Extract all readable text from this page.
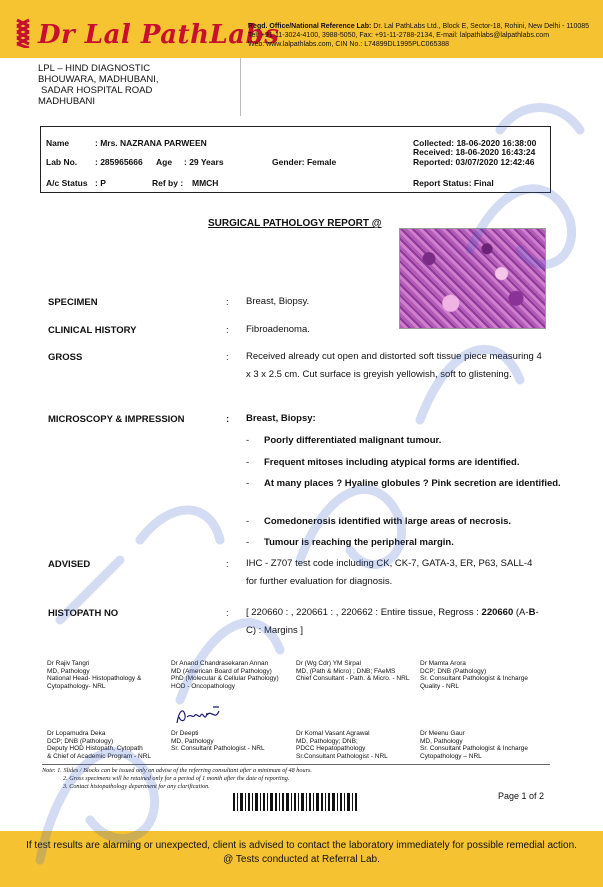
Dr Lal PathLabs
Regd. Office/National Reference Lab: Dr. Lal PathLabs Ltd., Block E, Sector-18, Rohini, New Delhi - 110085
Tel: +91-11-3024-4100, 3988-5050, Fax: +91-11-2788-2134, E-mail: lalpathlabs@lalpathlabs.com
Web: www.lalpathlabs.com, CIN No.: L74899DL1995PLC065388
LPL – HIND DIAGNOSTIC
BHOUWARA, MADHUBANI,
SADAR HOSPITAL ROAD
MADHUBANI
Name	: Mrs. NAZRANA PARWEEN
Lab No. : 285965666 Age : 29 Years	Gender: Female
A/c Status : P	Ref by : MMCH
Collected: 18-06-2020 16:38:00
Received: 18-06-2020 16:43:24
Reported: 03/07/2020 12:42:46
Report Status: Final
SURGICAL PATHOLOGY REPORT @
SPECIMEN	: Breast, Biopsy.
CLINICAL HISTORY	: Fibroadenoma.
GROSS	: Received already cut open and distorted soft tissue piece measuring 4 x 3 x 2.5 cm. Cut surface is greyish yellowish, soft to glistening.
MICROSCOPY & IMPRESSION	: Breast, Biopsy:
- Poorly differentiated malignant tumour.
- Frequent mitoses including atypical forms are identified.
- At many places ? Hyaline globules ? Pink secretion are identified.
- Comedonerosis identified with large areas of necrosis.
- Tumour is reaching the peripheral margin.
ADVISED	: IHC - Z707 test code including CK, CK-7, GATA-3, ER, P63, SALL-4 for further evaluation for diagnosis.
HISTOPATH NO	: [ 220660 : , 220661 : , 220662 : Entire tissue, Regross : 220660 (A-B-C) : Margins ]
Dr Rajiv Tangri
MD, Pathology
National Head- Histopathology &
Cytopathology- NRL
Dr Anand Chandrasekaran Annan
MD (American Board of Pathology)
PhD (Molecular & Cellular Pathology)
HOD - Oncopathology
Dr (Wg Cdr) YM Sirpal
MD, (Path & Micro) ; DNB; FAeMS
Chief Consultant - Path. & Micro. - NRL
Dr Mamta Arora
DCP; DNB (Pathology)
Sr. Consultant Pathologist & Incharge
Quality - NRL
Dr Lopamudra Deka
DCP; DNB (Pathology)
Deputy HOD Histopath, Cytopath
& Chief of Academic Program - NRL
Dr Deepti
MD, Pathology
Sr. Consultant Pathologist - NRL
Dr Komal Vasant Agrawal
MD, Pathology; DNB;
PDCC Hepatopathology
Sr.Consultant Pathologist - NRL
Dr Meenu Gaur
MD, Pathology
Sr. Consultant Pathologist & Incharge
Cytopathology – NRL
Note: 1. Slides / Blocks can be issued only on advise of the referring consultant after a minimum of 48 hours.
2. Gross specimens will be retained only for a period of 1 month after the date of reporting.
3. Contact histopathology department for any clarification.
Page 1 of 2
If test results are alarming or unexpected, client is advised to contact the laboratory immediately for possible remedial action.
@ Tests conducted at Referral Lab.
